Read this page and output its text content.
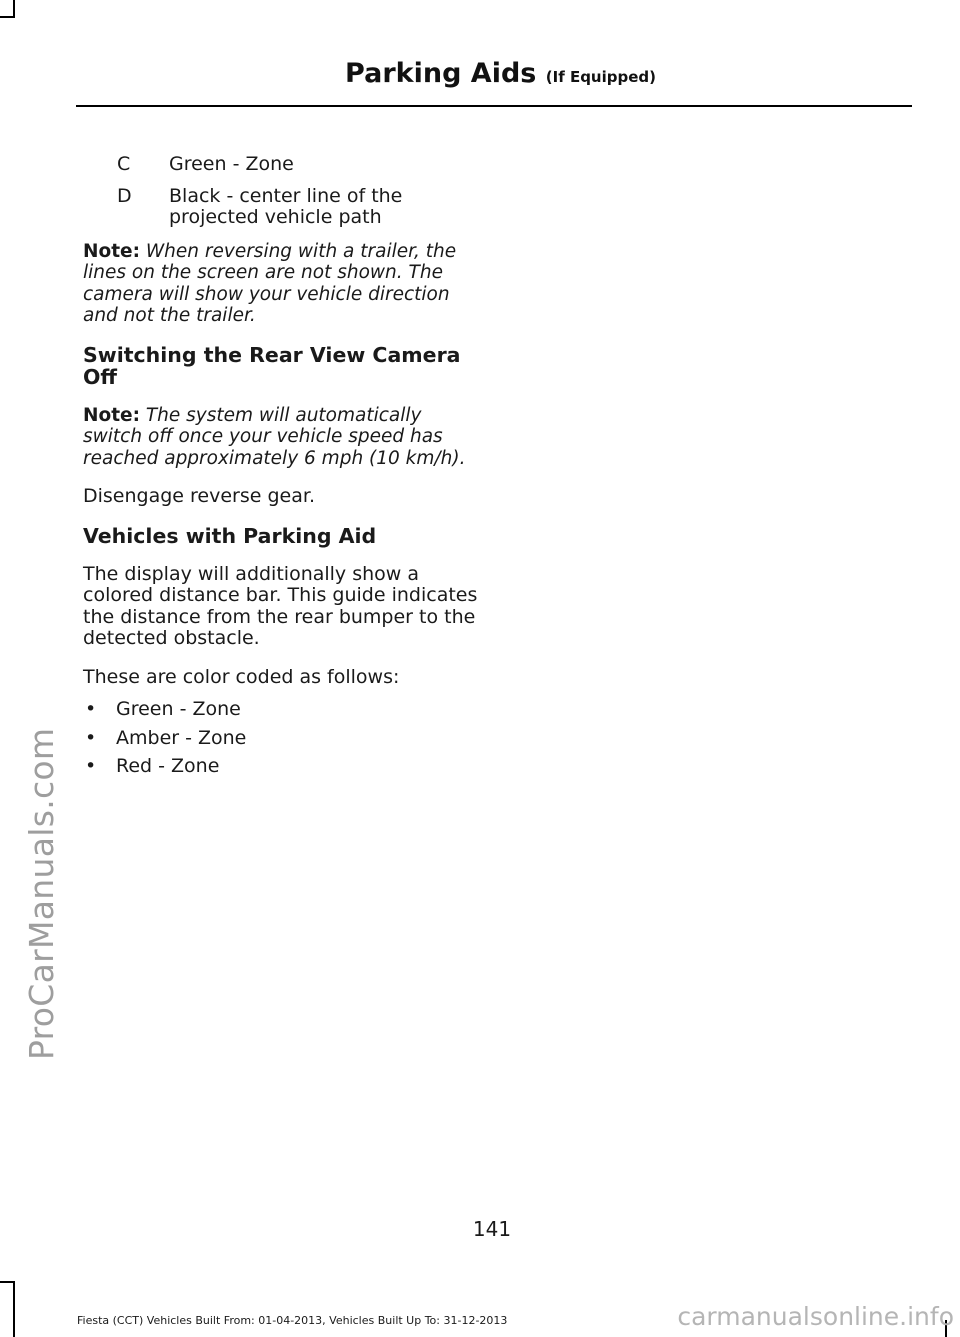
ProCarManuals.com
Parking Aids (If Equipped)
C	Green - Zone
D	Black - center line of the projected vehicle path

Note: When reversing with a trailer, the lines on the screen are not shown. The camera will show your vehicle direction and not the trailer.

Switching the Rear View Camera Off

Note: The system will automatically switch off once your vehicle speed has reached approximately 6 mph (10 km/h).

Disengage reverse gear.

Vehicles with Parking Aid

The display will additionally show a colored distance bar. This guide indicates the distance from the rear bumper to the detected obstacle.

These are color coded as follows:

•	Green - Zone
•	Amber - Zone
•	Red - Zone
141
Fiesta (CCT) Vehicles Built From: 01-04-2013, Vehicles Built Up To: 31-12-2013	carmanualsonline.info
